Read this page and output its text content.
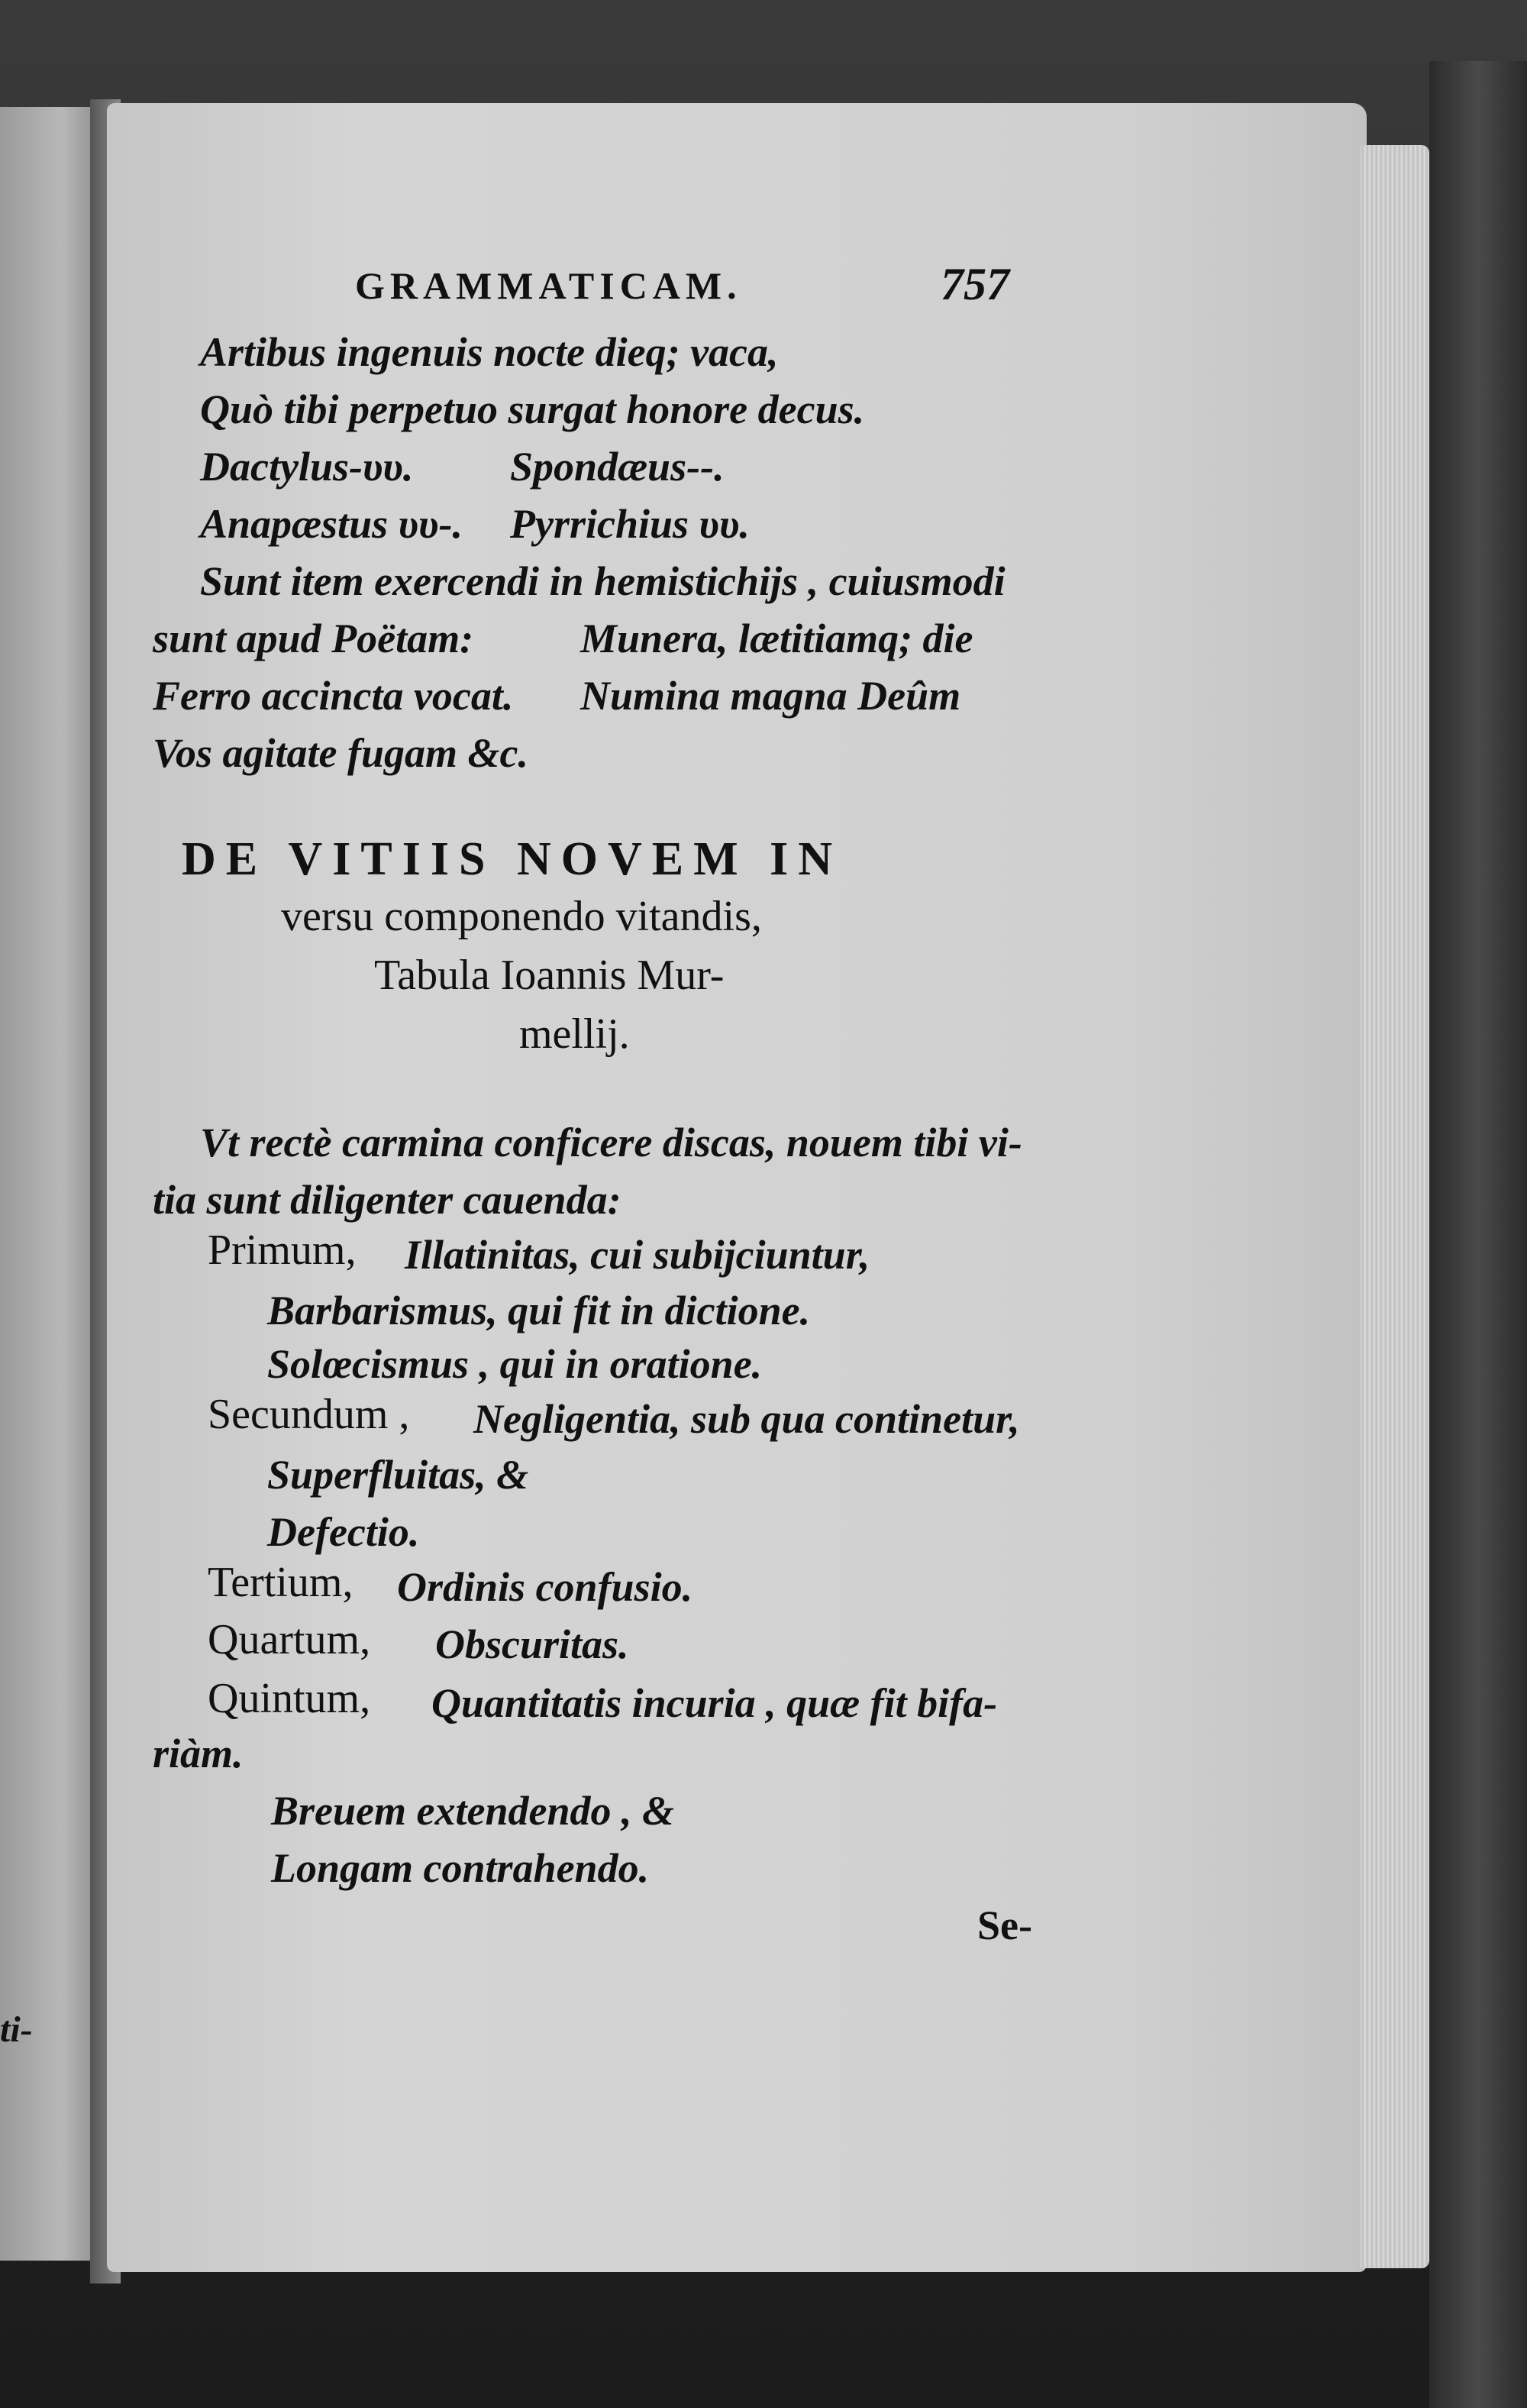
ti-
GRAMMATICAM.	757
Artibus ingenuis nocte dieq; vaca,
Quò tibi perpetuo surgat honore decus.
Dactylus-υυ. Spondæus--.
Anapæstus υυ-. Pyrrichius υυ.
Sunt item exercendi in hemistichijs , cuiusmodi
sunt apud Poëtam:	Munera, lætitiamq; die
Ferro accincta vocat. Numina magna Deûm
Vos agitate fugam &c.
DE VITIIS NOVEM IN
versu componendo vitandis,
Tabula Ioannis Mur-
mellij.
Vt rectè carmina conficere discas, nouem tibi vi-
tia sunt diligenter cauenda:
Primum, Illatinitas, cui subijciuntur,
Barbarismus, qui fit in dictione.
Solœcismus , qui in oratione.
Secundum , Negligentia, sub qua continetur,
Superfluitas, &
Defectio.
Tertium, Ordinis confusio.
Quartum, Obscuritas.
Quintum, Quantitatis incuria , quæ fit bifa-
riàm.
Breuem extendendo , &
Longam contrahendo.
Se-
